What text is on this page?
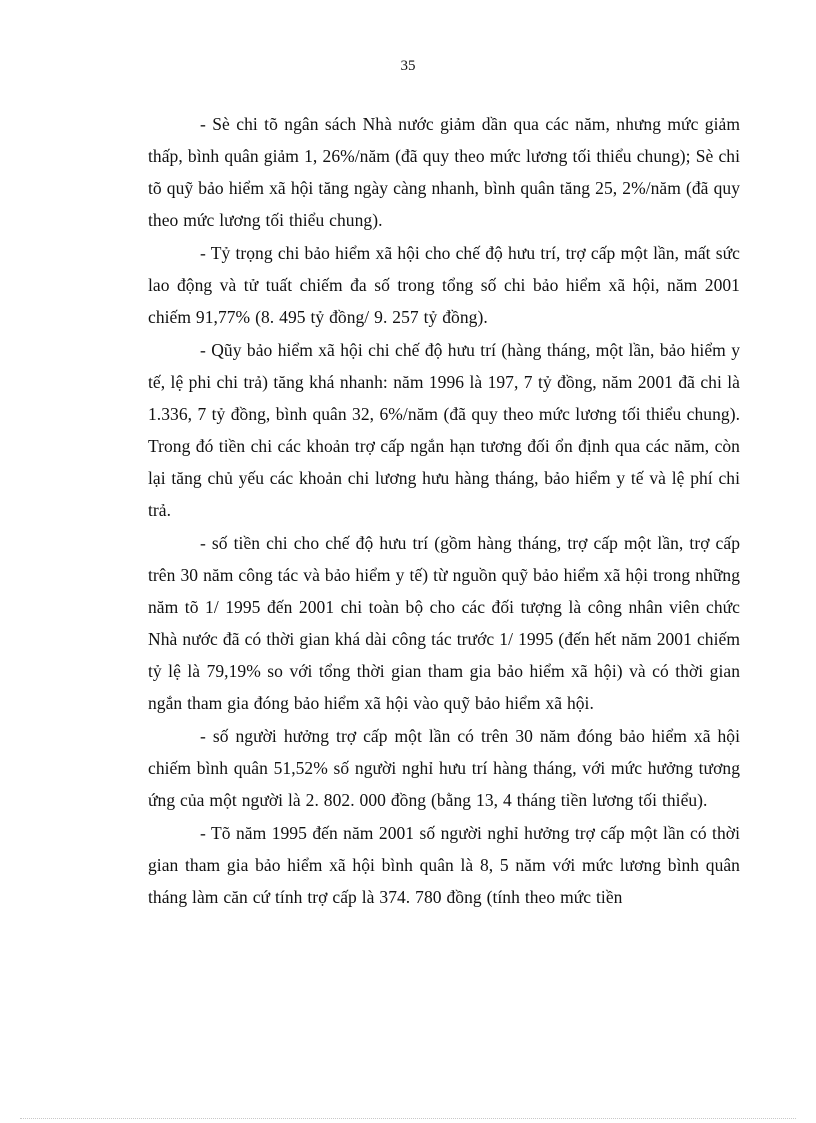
35

- Sè chi tõ ngân sách Nhà nước giảm dần qua các năm, nhưng mức giảm thấp, bình quân giảm 1, 26%/năm (đã quy theo mức lương tối thiểu chung); Sè chi tõ quỹ bảo hiểm xã hội tăng ngày càng nhanh, bình quân tăng 25, 2%/năm (đã quy theo mức lương tối thiểu chung).

- Tỷ trọng chi bảo hiểm xã hội cho chế độ hưu trí, trợ cấp một lần, mất sức lao động và tử tuất chiếm đa số trong tổng số chi bảo hiểm xã hội, năm 2001 chiếm 91,77% (8. 495 tỷ đồng/ 9. 257 tỷ đồng).

- Qũy bảo hiểm xã hội chi chế độ hưu trí (hàng tháng, một lần, bảo hiểm y tế, lệ phi chi trả) tăng khá nhanh: năm 1996 là 197, 7 tỷ đồng, năm 2001 đã chi là 1.336, 7 tỷ đồng, bình quân 32, 6%/năm (đã quy theo mức lương tối thiểu chung). Trong đó tiền chi các khoản trợ cấp ngắn hạn tương đối ổn định qua các năm, còn lại tăng chủ yếu các khoản chi lương hưu hàng tháng, bảo hiểm y tế và lệ phí chi trả.

- số tiền chi cho chế độ hưu trí (gồm hàng tháng, trợ cấp một lần, trợ cấp trên 30 năm công tác và bảo hiểm y tế) từ nguồn quỹ bảo hiểm xã hội trong những năm tõ 1/ 1995 đến 2001 chi toàn bộ cho các đối tượng là công nhân viên chức Nhà nước đã có thời gian khá dài công tác trước 1/ 1995 (đến hết năm 2001 chiếm tỷ lệ là 79,19% so với tổng thời gian tham gia bảo hiểm xã hội) và có thời gian ngắn tham gia đóng bảo hiểm xã hội vào quỹ bảo hiểm xã hội.

- số người hưởng trợ cấp một lần có trên 30 năm đóng bảo hiểm xã hội chiếm bình quân 51,52% số người nghỉ hưu trí hàng tháng, với mức hưởng tương ứng của một người là 2. 802. 000 đồng (bằng 13, 4 tháng tiền lương tối thiểu).

- Tõ năm 1995 đến năm 2001 số người nghỉ hưởng trợ cấp một lần có thời gian tham gia bảo hiểm xã hội bình quân là 8, 5 năm với mức lương bình quân tháng làm căn cứ tính trợ cấp là 374. 780 đồng (tính theo mức tiền
